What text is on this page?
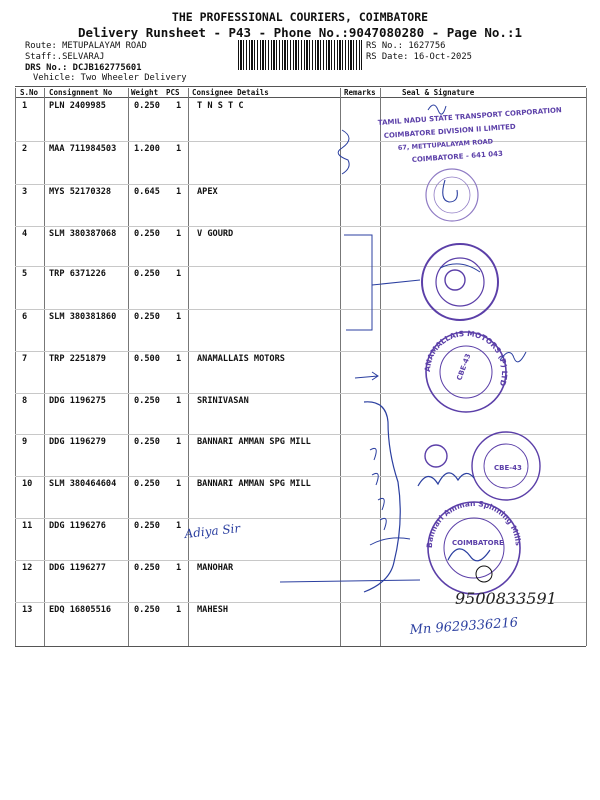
THE PROFESSIONAL COURIERS, COIMBATORE
Delivery Runsheet - P43 - Phone No.:9047080280 - Page No.:1
Route: METUPALAYAM ROAD
Staff:.SELVARAJ
DRS No.: DCJB162775601
Vehicle: Two Wheeler Delivery
RS No.: 1627756
RS Date: 16-Oct-2025
S.No Consignment No	Weight PCS Consignee Details	Remarks	Seal & Signature
1	PLN 2409985	0.250 1 T N S T C
2	MAA 711984503 1.200 1
3	MYS 52170328	0.645 1 APEX
4	SLM 380387068 0.250 1 V GOURD
5	TRP 6371226	0.250 1
6	SLM 380381860 0.250 1
7	TRP 2251879	0.500 1 ANAMALLAIS MOTORS
8	DDG 1196275	0.250 1 SRINIVASAN
9	DDG 1196279	0.250 1 BANNARI AMMAN SPG MILL
10 SLM 380464604 0.250 1 BANNARI AMMAN SPG MILL
11 DDG 1196276	0.250 1
12 DDG 1196277	0.250 1 MANOHAR
13 EDQ 16805516	0.250 1 MAHESH
TAMIL NADU STATE TRANSPORT CORPORATION
COIMBATORE DIVISION II LIMITED
67, METTUPALAYAM ROAD
COIMBATORE - 641 043
ANAMALLAIS MOTORS (P) LTD
CBE-43
CBE-43
Bannari Amman Spinning Mills
COIMBATORE
Adiya Sir
9500833591
Mn 9629336216
